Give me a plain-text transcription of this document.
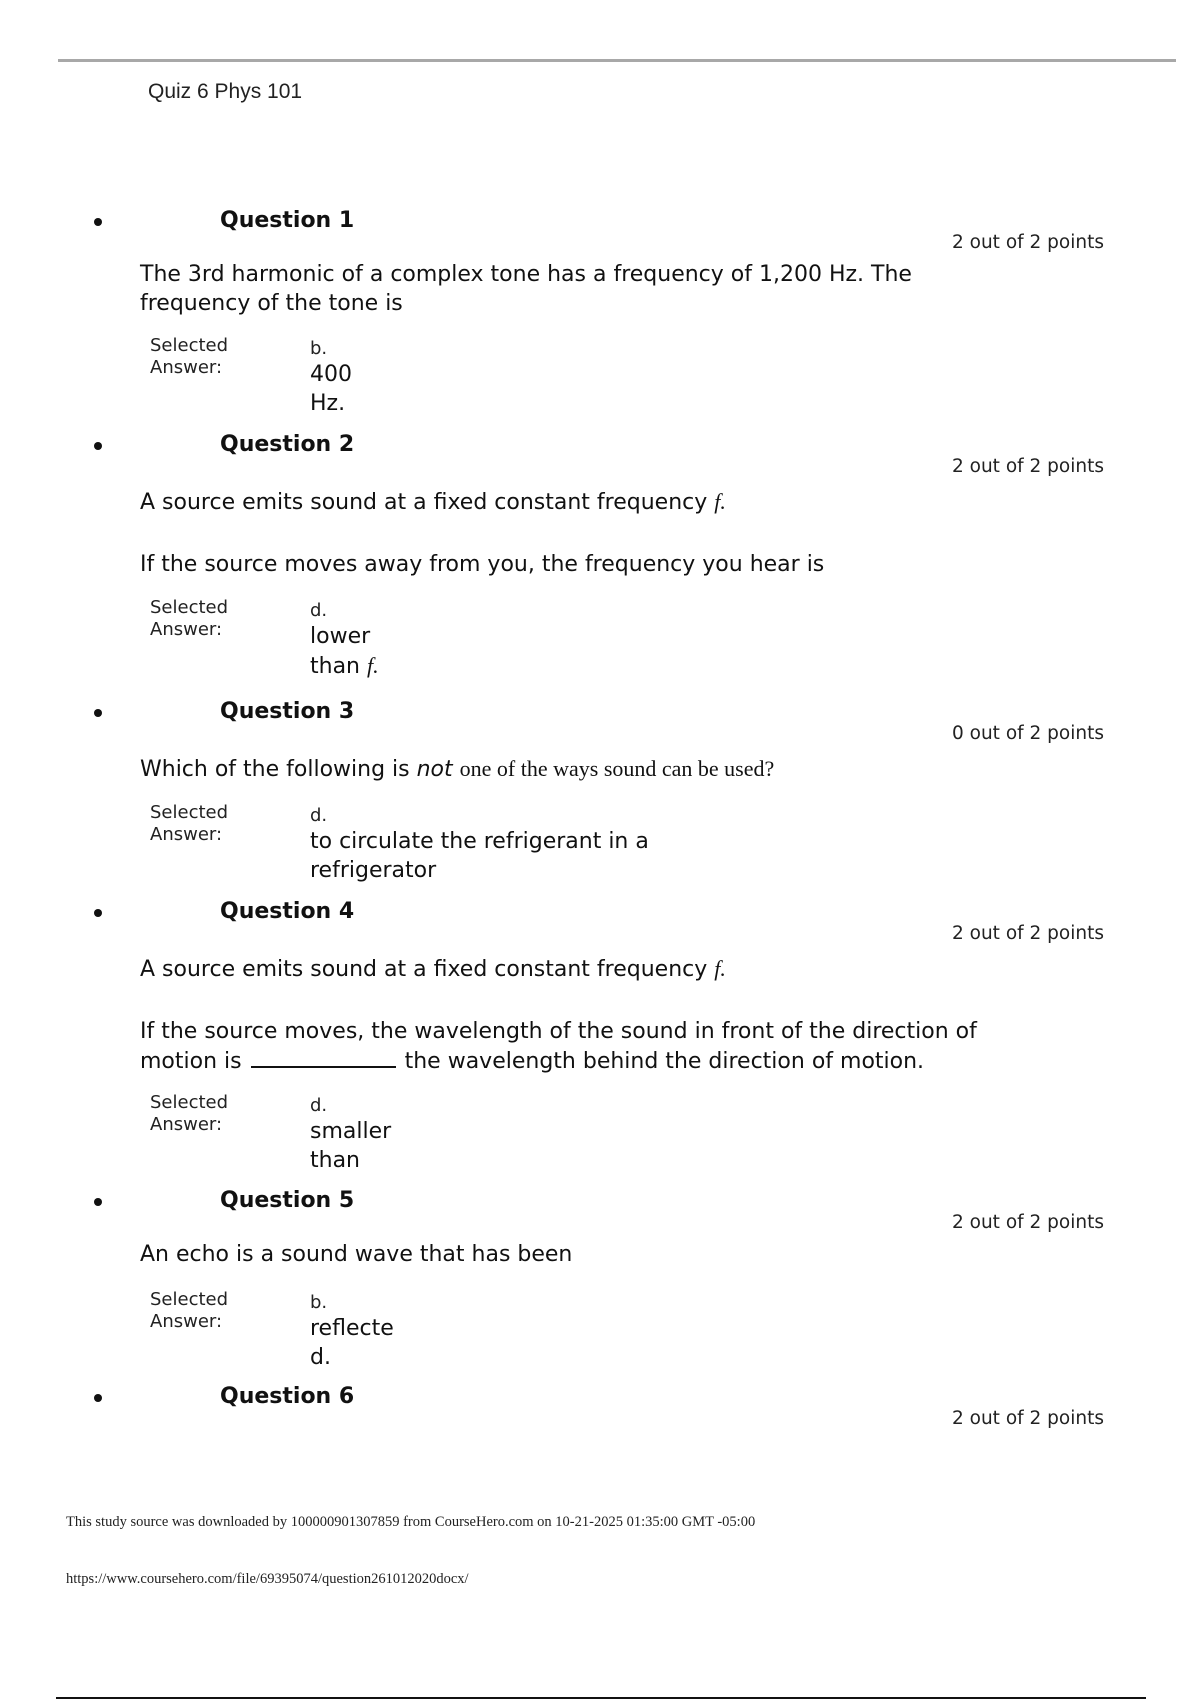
Quiz 6 Phys 101
Question 1
2 out of 2 points

The 3rd harmonic of a complex tone has a frequency of 1,200 Hz. The frequency of the tone is

Selected Answer:
b.
400
Hz.
Question 2
2 out of 2 points

A source emits sound at a fixed constant frequency f.

If the source moves away from you, the frequency you hear is

Selected Answer:
d.
lower
than f.
Question 3
0 out of 2 points

Which of the following is not one of the ways sound can be used?

Selected Answer:
d.
to circulate the refrigerant in a
refrigerator
Question 4
2 out of 2 points

A source emits sound at a fixed constant frequency f.

If the source moves, the wavelength of the sound in front of the direction of motion is	the wavelength behind the direction of motion.

Selected Answer:
d.
smaller
than
Question 5
2 out of 2 points

An echo is a sound wave that has been

Selected Answer:
b.
reflecte
d.
Question 6
2 out of 2 points
This study source was downloaded by 100000901307859 from CourseHero.com on 10-21-2025 01:35:00 GMT -05:00
https://www.coursehero.com/file/69395074/question261012020docx/
